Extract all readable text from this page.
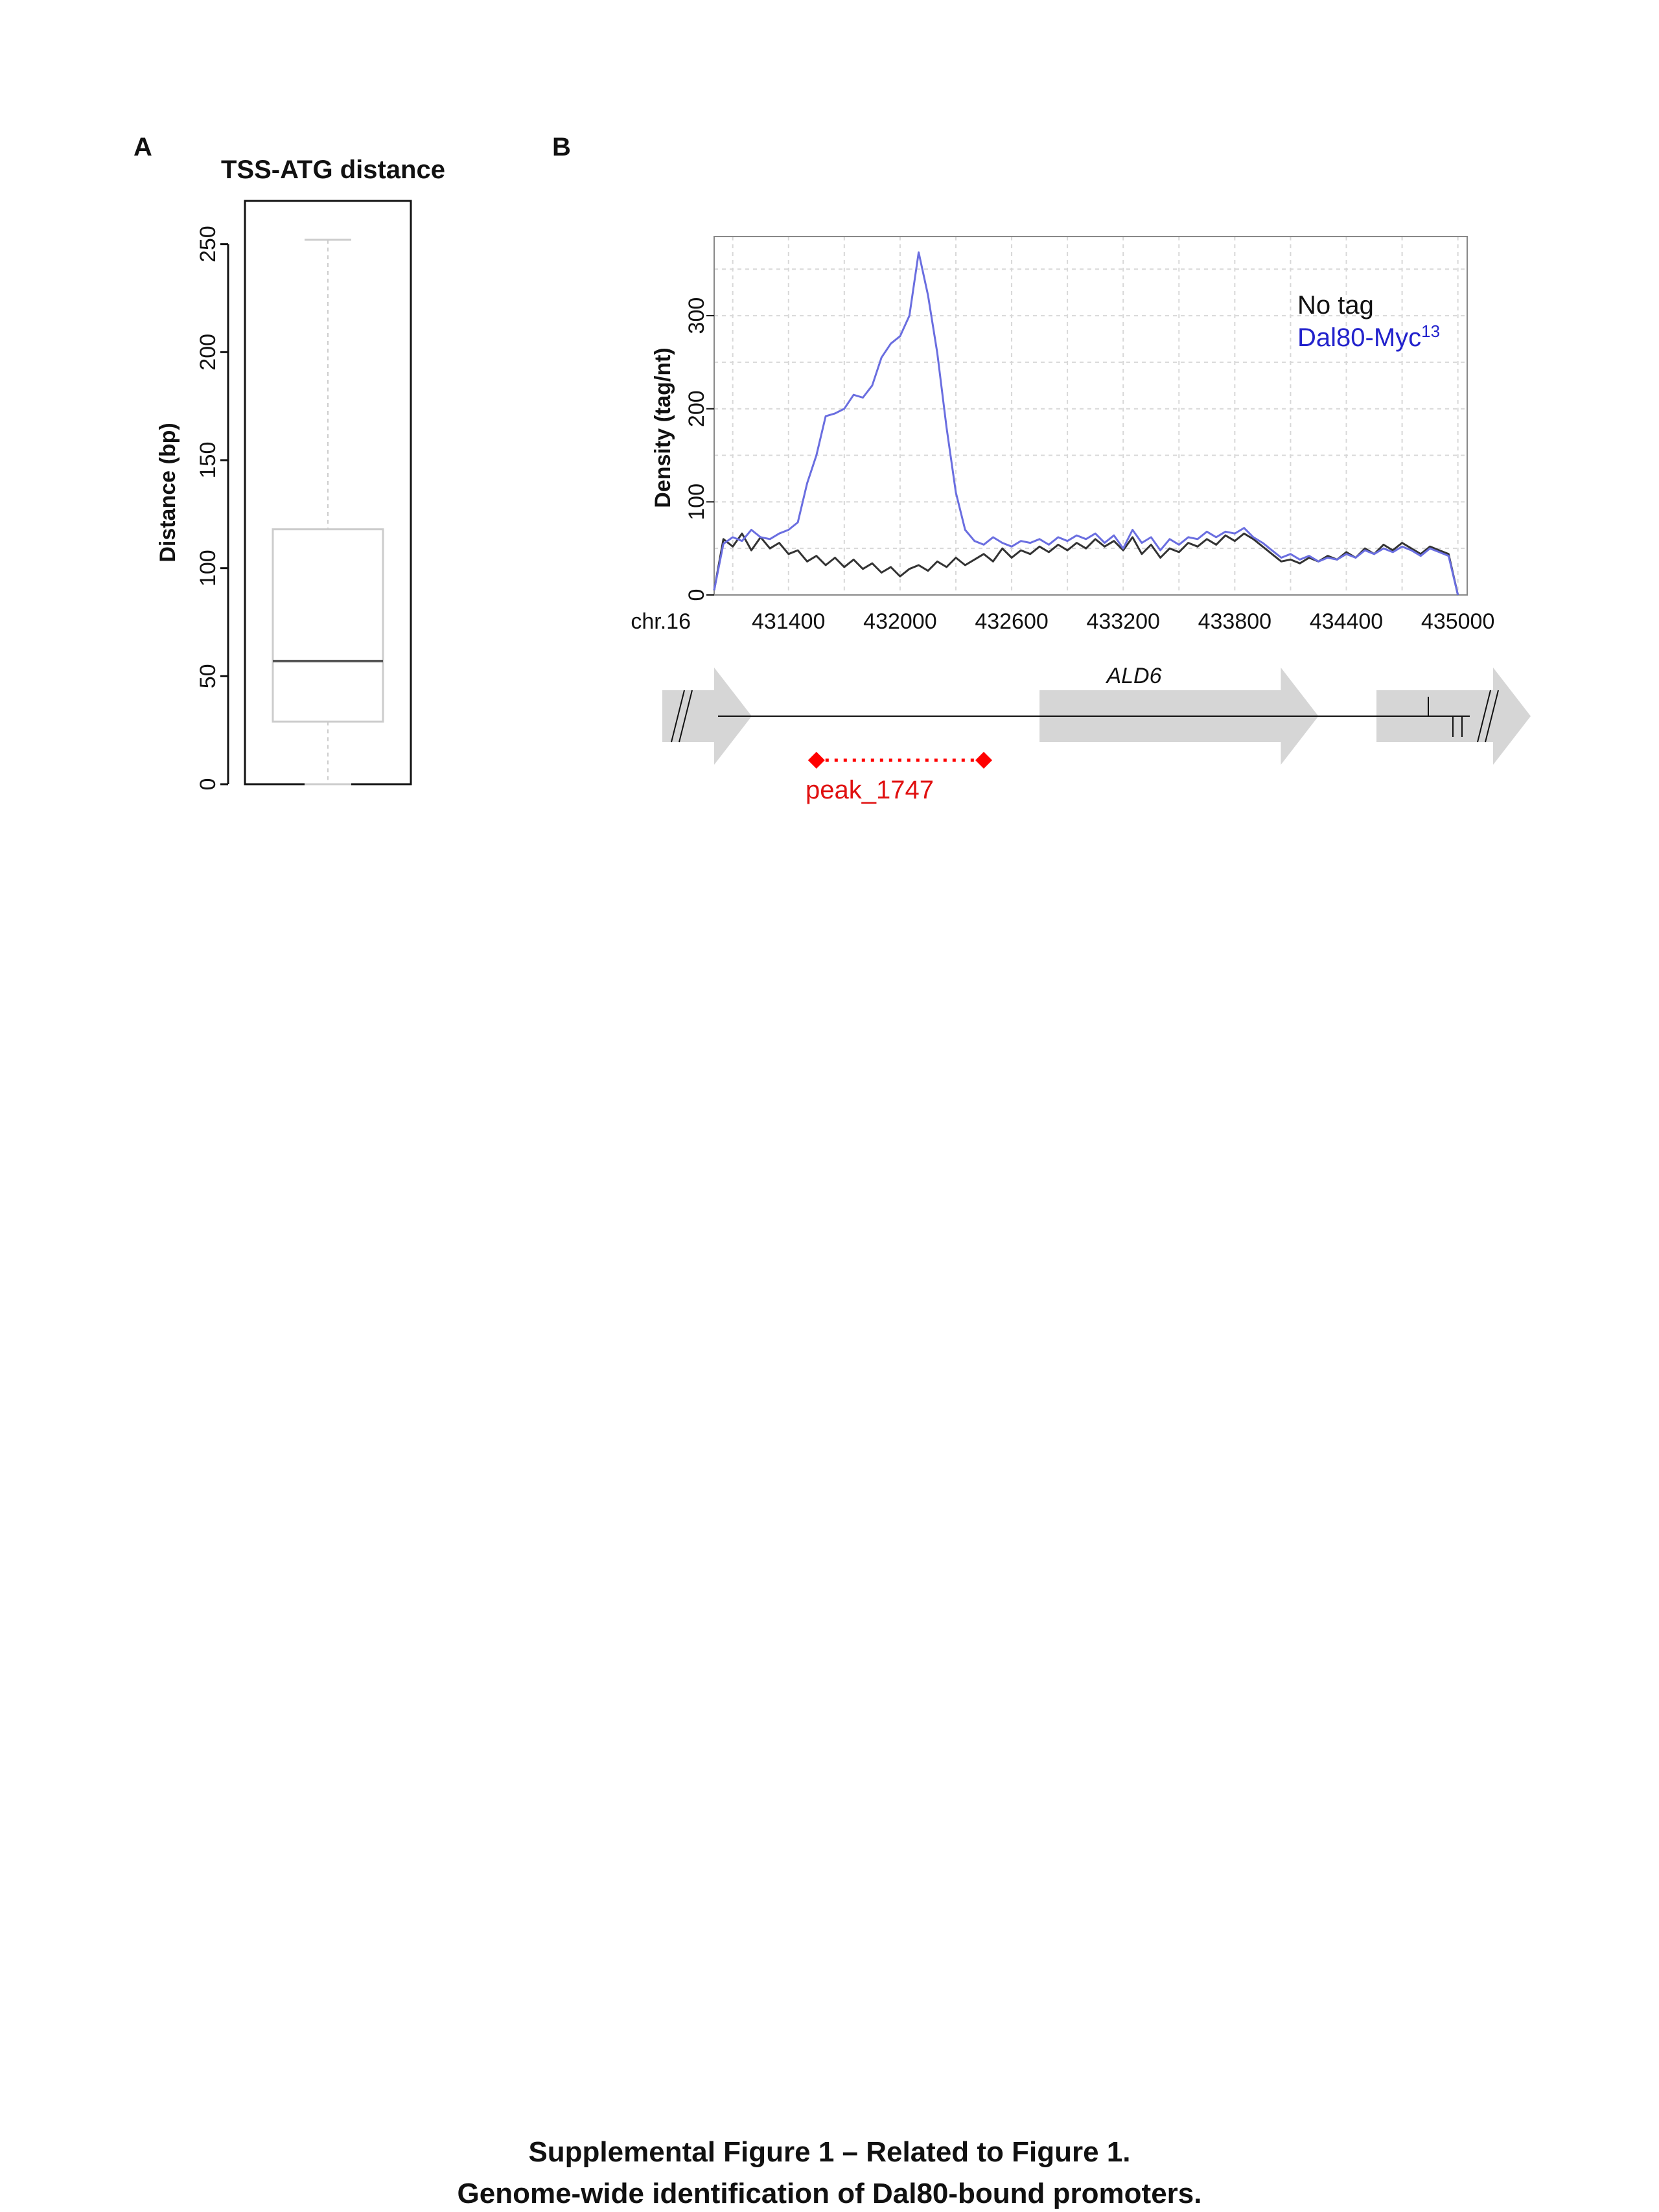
A
TSS-ATG distance
Distance (bp)
0
50
100
150
200
250
B
0
100
200
300
431400 432000 432600 433200 433800 434400 435000
Density (tag/nt)
chr.16
No tag
Dal80-Myc$^{13}$
ALD6
peak_1747
Supplemental Figure 1 – Related to Figure 1.
Genome-wide identification of Dal80-bound promoters.
